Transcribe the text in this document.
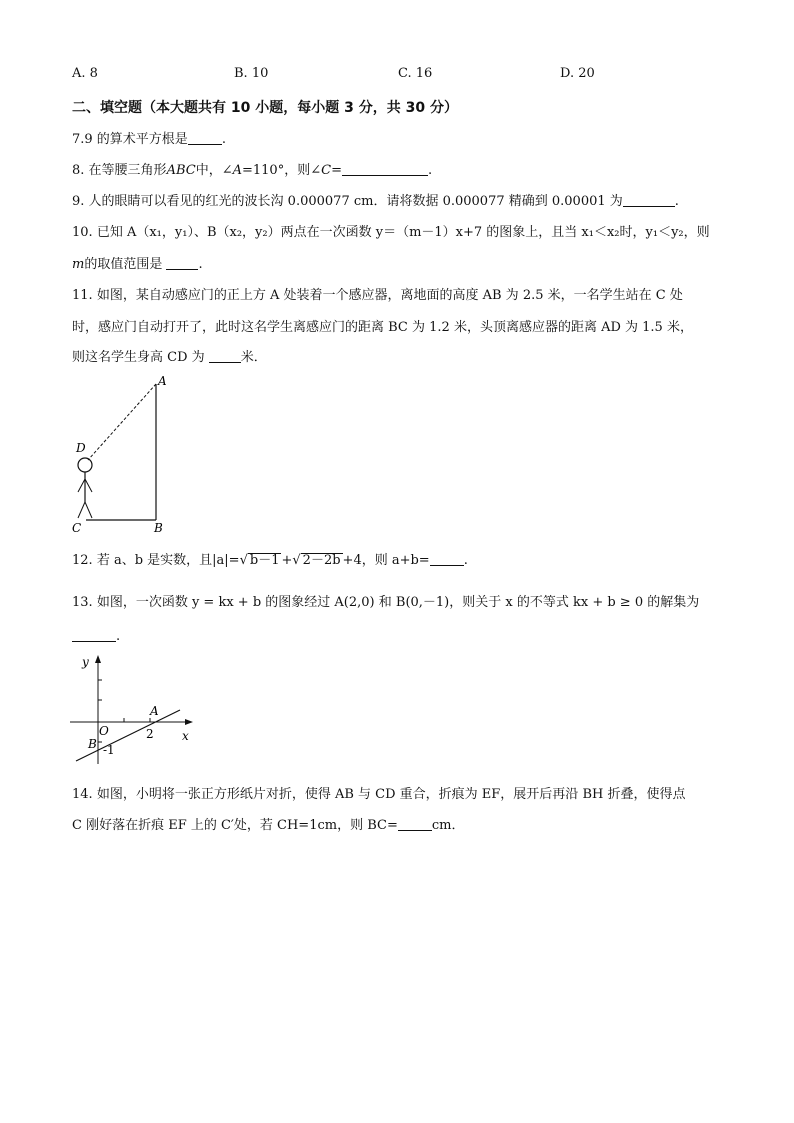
A. 8	B. 10	C. 16	D. 20
二、填空题（本大题共有 10 小题，每小题 3 分，共 30 分）
7.9 的算术平方根是	.
8. 在等腰三角形ABC中，∠A=110°，则∠C=	.
9. 人的眼睛可以看见的红光的波长沟 0.000077 cm．请将数据 0.000077 精确到 0.00001 为	.
10. 已知 A（x₁，y₁）、B（x₂，y₂）两点在一次函数 y＝（m－1）x+7 的图象上，且当 x₁＜x₂时，y₁＜y₂，则
m的取值范围是	.
11. 如图，某自动感应门的正上方 A 处装着一个感应器，离地面的高度 AB 为 2.5 米，一名学生站在 C 处
时，感应门自动打开了，此时这名学生离感应门的距离 BC 为 1.2 米，头顶离感应器的距离 AD 为 1.5 米，
则这名学生身高 CD 为	米．
A
D
C	B
12. 若 a、b 是实数，且|a|=√ b－1 +√ 2－2b +4，则 a+b=	.
13. 如图，一次函数 y = kx + b 的图象经过 A(2,0) 和 B(0,－1)，则关于 x 的不等式 kx + b ≥ 0 的解集为
.
y
x
O
A
B
2
-1
14. 如图，小明将一张正方形纸片对折，使得 AB 与 CD 重合，折痕为 EF，展开后再沿 BH 折叠，使得点
C 刚好落在折痕 EF 上的 C′处，若 CH=1cm，则 BC=	cm．
